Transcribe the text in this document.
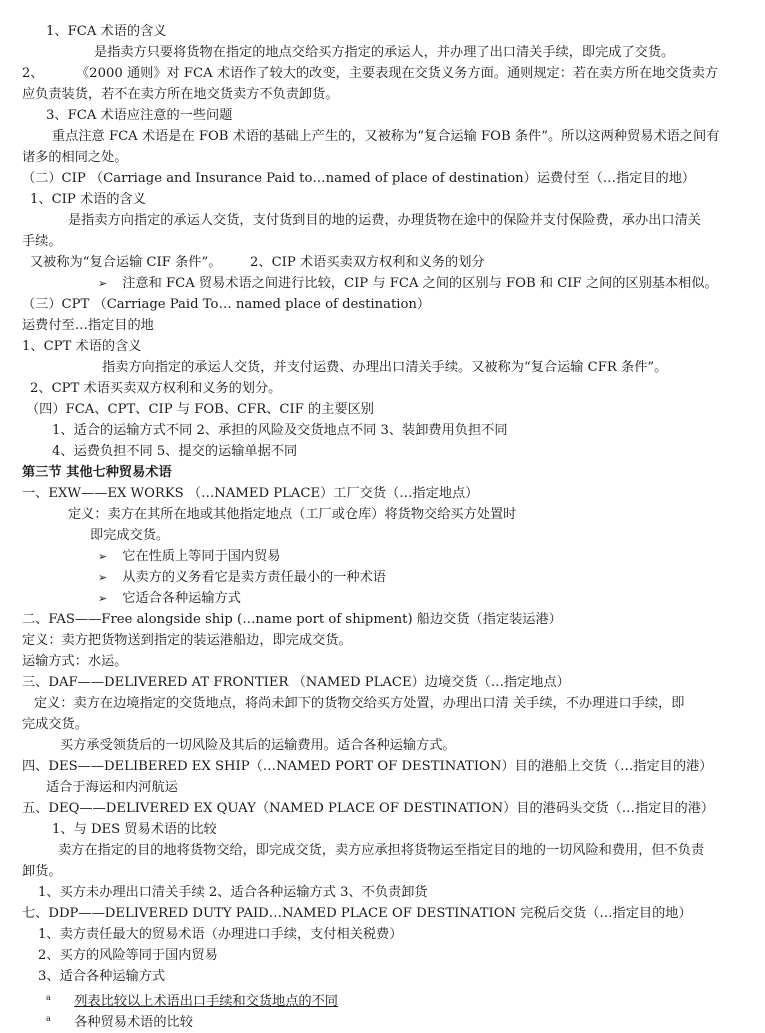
1、FCA 术语的含义
是指卖方只要将货物在指定的地点交给买方指定的承运人，并办理了出口清关手续，即完成了交货。
2、 《2000 通则》对 FCA 术语作了较大的改变，主要表现在交货义务方面。通则规定：若在卖方所在地交货卖方
应负责装货，若不在卖方所在地交货卖方不负责卸货。
3、FCA 术语应注意的一些问题
重点注意 FCA 术语是在 FOB 术语的基础上产生的，又被称为“复合运输 FOB 条件”。所以这两种贸易术语之间有
诸多的相同之处。
（二）CIP （Carriage and Insurance Paid to…named of place of destination）运费付至（…指定目的地）
1、CIP 术语的含义
是指卖方向指定的承运人交货，支付货到目的地的运费，办理货物在途中的保险并支付保险费，承办出口清关
手续。
又被称为“复合运输 CIF 条件”。 2、CIP 术语买卖双方权利和义务的划分
➢ 注意和 FCA 贸易术语之间进行比较，CIP 与 FCA 之间的区别与 FOB 和 CIF 之间的区别基本相似。
（三）CPT （Carriage Paid To… named place of destination）
运费付至…指定目的地
1、CPT 术语的含义
指卖方向指定的承运人交货，并支付运费、办理出口清关手续。又被称为“复合运输 CFR 条件”。
2、CPT 术语买卖双方权利和义务的划分。
（四）FCA、CPT、CIP 与 FOB、CFR、CIF 的主要区别
1、适合的运输方式不同 2、承担的风险及交货地点不同 3、装卸费用负担不同
4、运费负担不同 5、提交的运输单据不同
第三节 其他七种贸易术语
一、EXW——EX WORKS （…NAMED PLACE）工厂交货（…指定地点）
定义：卖方在其所在地或其他指定地点（工厂或仓库）将货物交给买方处置时
即完成交货。
➢ 它在性质上等同于国内贸易
➢ 从卖方的义务看它是卖方责任最小的一种术语
➢ 它适合各种运输方式
二、FAS——Free alongside ship (…name port of shipment) 船边交货（指定装运港）
定义：卖方把货物送到指定的装运港船边，即完成交货。
运输方式：水运。
三、DAF——DELIVERED AT FRONTIER （NAMED PLACE）边境交货（…指定地点）
定义：卖方在边境指定的交货地点，将尚未卸下的货物交给买方处置，办理出口清 关手续，不办理进口手续，即
完成交货。
买方承受领货后的一切风险及其后的运输费用。适合各种运输方式。
四、DES——DELIBERED EX SHIP（…NAMED PORT OF DESTINATION）目的港船上交货（…指定目的港）
适合于海运和内河航运
五、DEQ——DELIVERED EX QUAY（NAMED PLACE OF DESTINATION）目的港码头交货（…指定目的港）
1、与 DES 贸易术语的比较
卖方在指定的目的地将货物交给，即完成交货，卖方应承担将货物运至指定目的地的一切风险和费用，但不负责
卸货。
1、买方未办理出口清关手续 2、适合各种运输方式 3、不负责卸货
七、DDP——DELIVERED DUTY PAID…NAMED PLACE OF DESTINATION 完税后交货（…指定目的地）
1、卖方责任最大的贸易术语（办理进口手续，支付相关税费）
2、买方的风险等同于国内贸易
3、适合各种运输方式
a 列表比较以上术语出口手续和交货地点的不同
a 各种贸易术语的比较
